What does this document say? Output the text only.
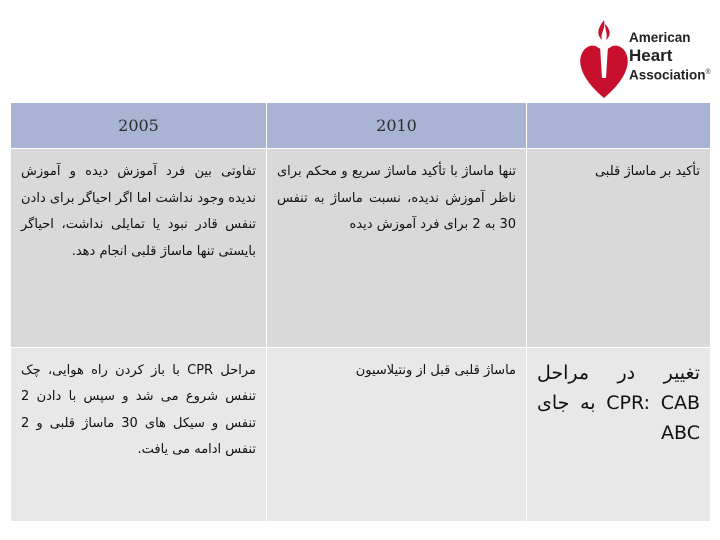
American
Heart
Association®
2005	2010	

تفاوتی بین فرد آموزش دیده و آموزش ندیده وجود نداشت اما اگر احیاگر برای دادن تنفس قادر نبود یا تمایلی نداشت، احیاگر بایستی تنها ماساژ قلبی انجام دهد.	تنها ماساژ با تأکید ماساژ سریع و محکم برای ناظر آموزش ندیده، نسبت ماساژ به تنفس 30 به 2 برای فرد آموزش دیده	تأکید بر ماساژ قلبی

مراحل CPR با باز کردن راه هوایی، چک تنفس شروع می شد و سپس با دادن 2 تنفس و سیکل های 30 ماساژ قلبی و 2 تنفس ادامه می یافت.	ماساژ قلبی قبل از ونتیلاسیون	تغییر در مراحل CPR: CAB به جای ABC
